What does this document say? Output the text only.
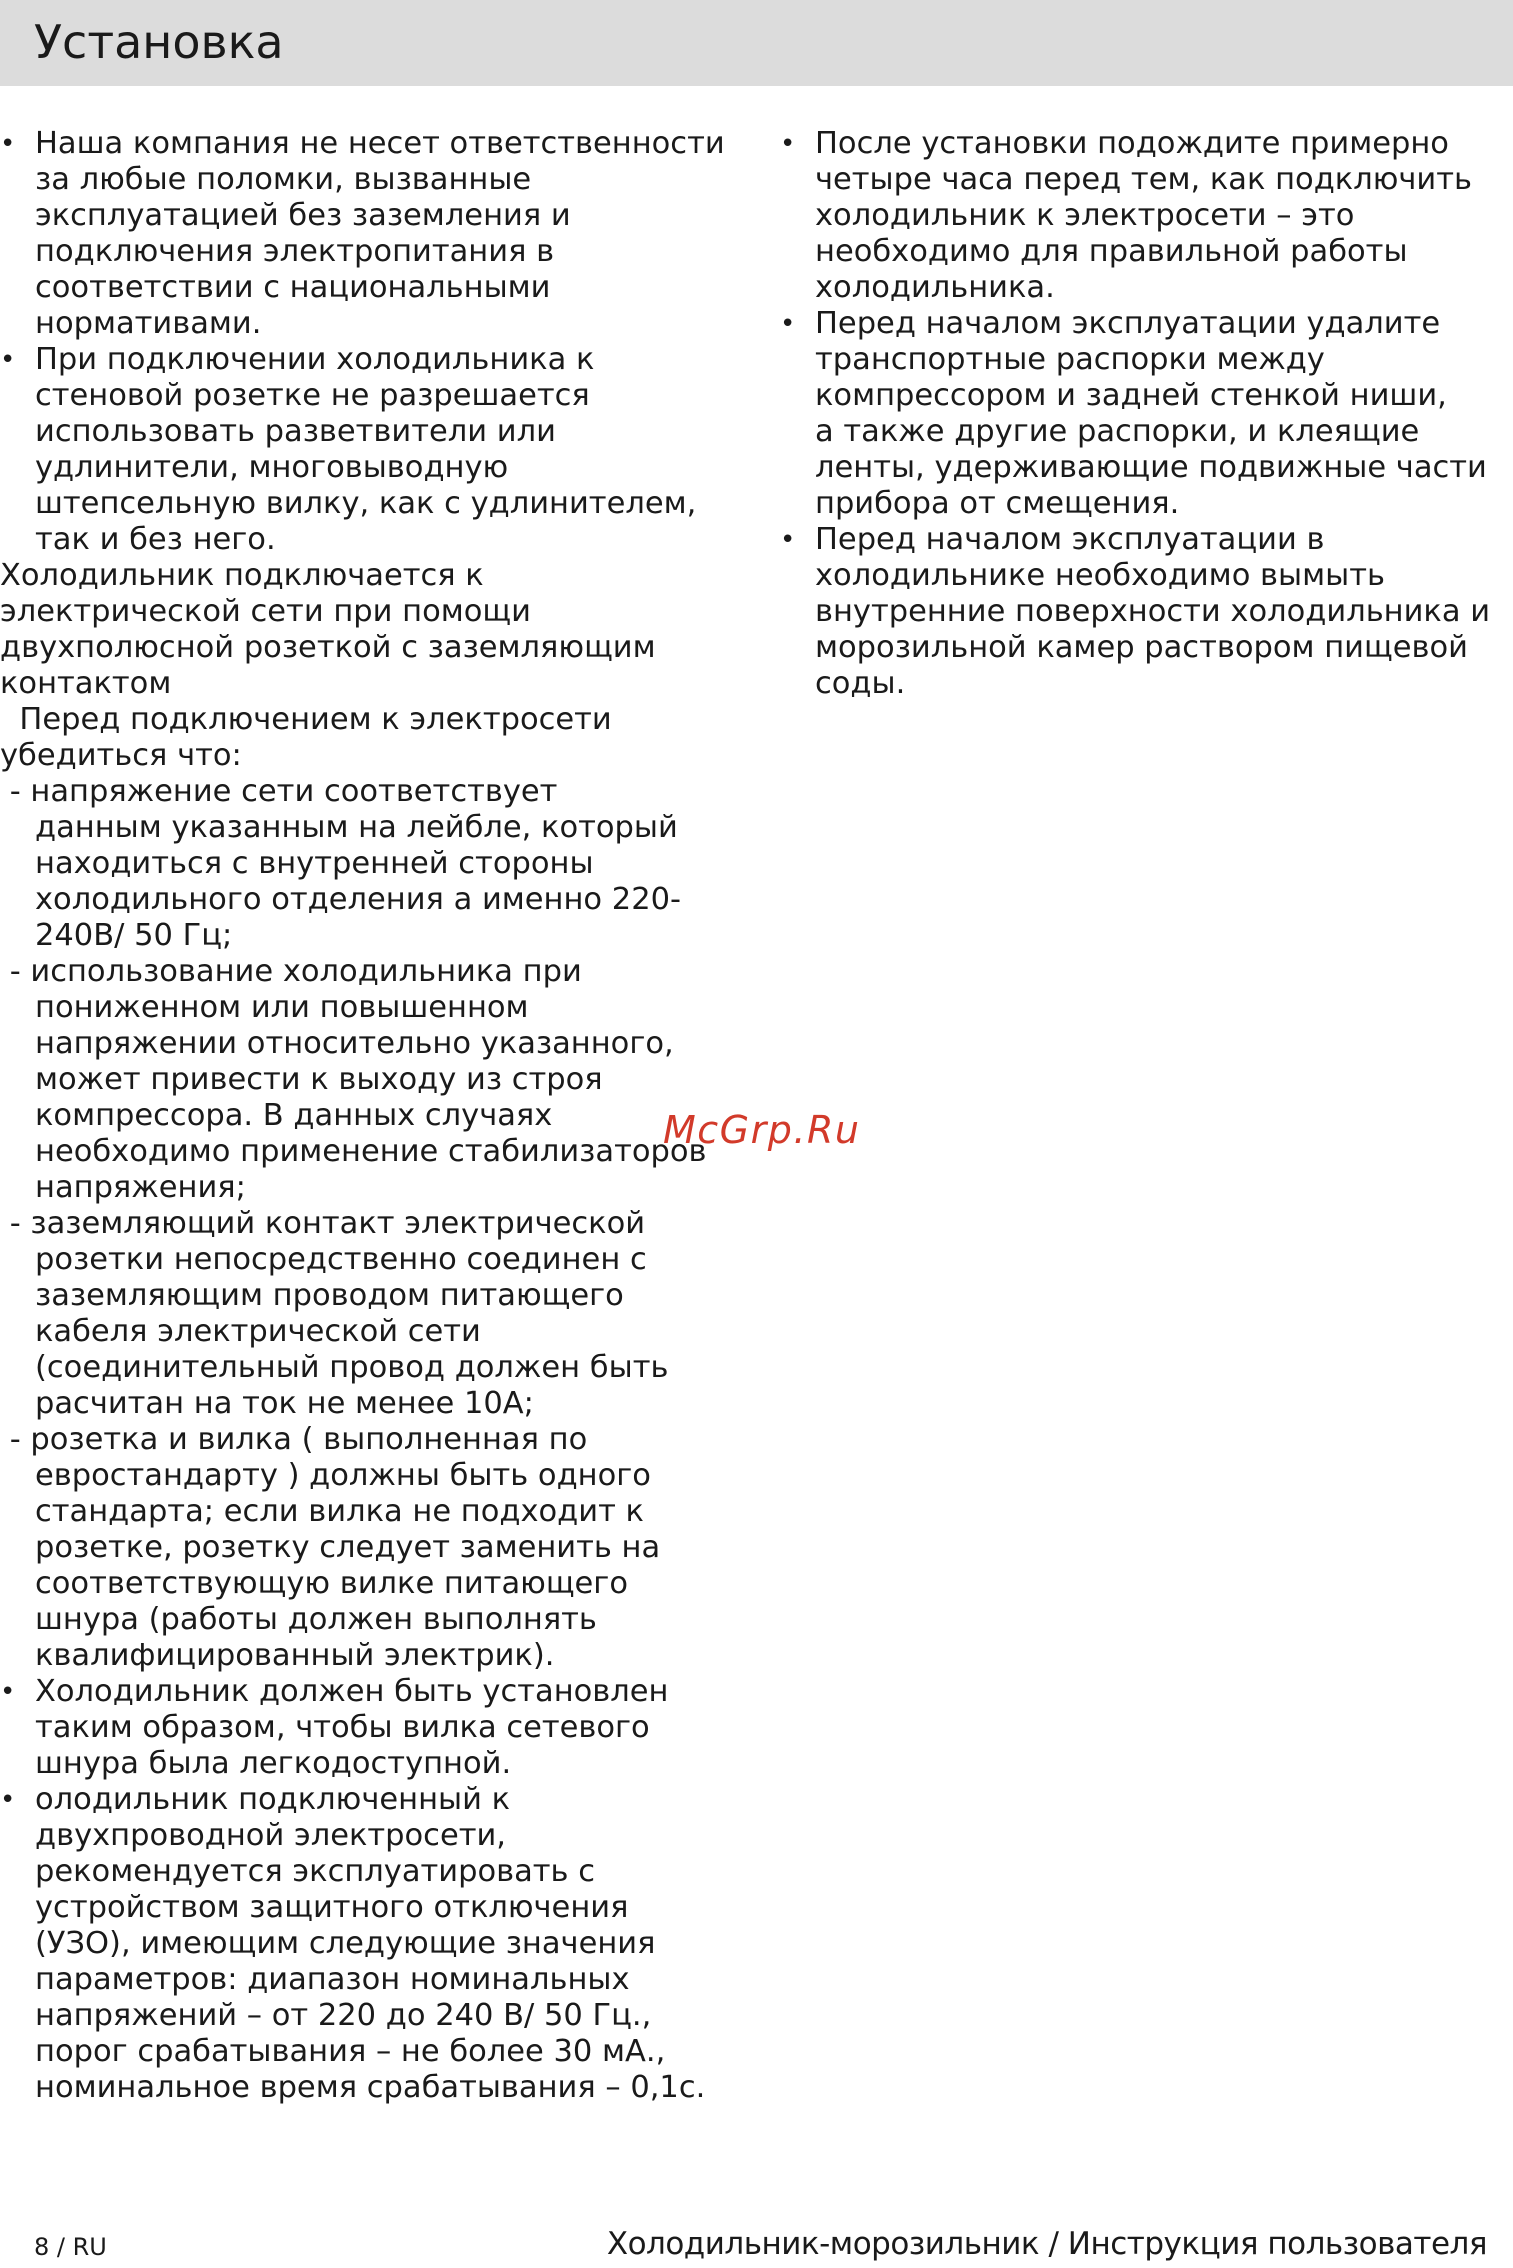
Установка
• Наша компания не несет ответственности
за любые поломки, вызванные
эксплуатацией без заземления и
подключения электропитания в
соответствии с национальными
нормативами.
• При подключении холодильника к
стеновой розетке не разрешается
использовать разветвители или
удлинители, многовыводную
штепсельную вилку, как с удлинителем,
так и без него.
Холодильник подключается к
электрической сети при помощи
двухполюсной розеткой с заземляющим
контактом
Перед подключением к электросети
убедиться что:
- напряжение сети соответствует
данным указанным на лейбле, который
находиться с внутренней стороны
холодильного отделения а именно 220-
240В/ 50 Гц;
- использование холодильника при
пониженном или повышенном
напряжении относительно указанного,
может привести к выходу из строя
компрессора. В данных случаях
необходимо применение стабилизаторов
напряжения;
- заземляющий контакт электрической
розетки непосредственно соединен с
заземляющим проводом питающего
кабеля электрической сети
(соединительный провод должен быть
расчитан на ток не менее 10А;
- розетка и вилка ( выполненная по
евростандарту ) должны быть одного
стандарта; если вилка не подходит к
розетке, розетку следует заменить на
соответствующую вилке питающего
шнура (работы должен выполнять
квалифицированный электрик).
• Холодильник должен быть установлен
таким образом, чтобы вилка сетевого
шнура была легкодоступной.
• олодильник подключенный к
двухпроводной электросети,
рекомендуется эксплуатировать с
устройством защитного отключения
(УЗО), имеющим следующие значения
параметров: диапазон номинальных
напряжений – от 220 до 240 В/ 50 Гц.,
порог срабатывания – не более 30 мА.,
номинальное время срабатывания – 0,1с.
• После установки подождите примерно
четыре часа перед тем, как подключить
холодильник к электросети – это
необходимо для правильной работы
холодильника.
• Перед началом эксплуатации удалите
транспортные распорки между
компрессором и задней стенкой ниши,
а также другие распорки, и клеящие
ленты, удерживающие подвижные части
прибора от смещения.
• Перед началом эксплуатации в
холодильнике необходимо вымыть
внутренние поверхности холодильника и
морозильной камер раствором пищевой
соды.
McGrp.Ru
8 / RU	Холодильник-морозильник / Инструкция пользователя
